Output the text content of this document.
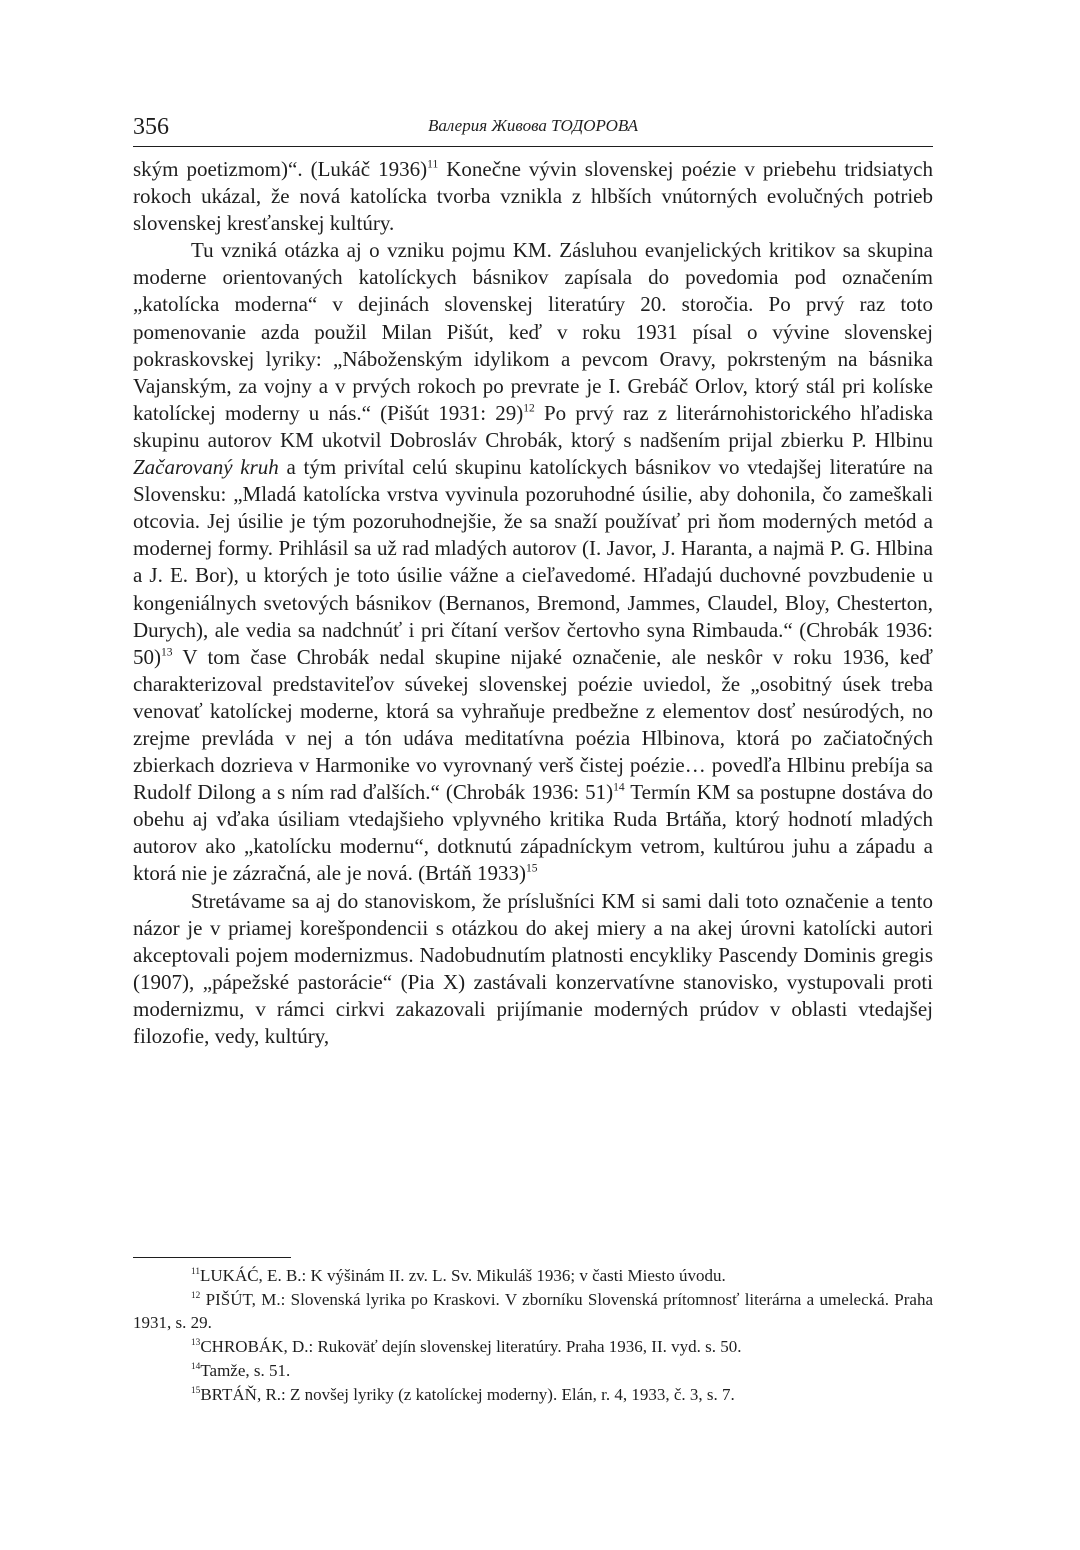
356	Валерия Живова ТОДОРОВА

ským poetizmom)“. (Lukáč 1936)$^{11}$ Konečne vývin slovenskej poézie v priebehu tridsiatych rokoch ukázal, že nová katolícka tvorba vznikla z hlbších vnútorných evolučných potrieb slovenskej kresťanskej kultúry.

Tu vzniká otázka aj o vzniku pojmu KM. Zásluhou evanjelických kritikov sa skupina moderne orientovaných katolíckych básnikov zapísala do povedomia pod označením „katolícka moderna“ v dejinách slovenskej literatúry 20. storočia. Po prvý raz toto pomenovanie azda použil Milan Pišút, keď v roku 1931 písal o vývine slovenskej pokraskovskej lyriky: „Náboženským idylikom a pevcom Oravy, pokrsteným na básnika Vajanským, za vojny a v prvých rokoch po prevrate je I. Grebáč Orlov, ktorý stál pri kolíske katolíckej moderny u nás.“ (Pišút 1931: 29)$^{12}$ Po prvý raz z literárnohistorického hľadiska skupinu autorov KM ukotvil Dobrosláv Chrobák, ktorý s nadšením prijal zbierku P. Hlbinu Začarovaný kruh a tým privítal celú skupinu katolíckych básnikov vo vtedajšej literatúre na Slovensku: „Mladá katolícka vrstva vyvinula pozoruhodné úsilie, aby dohonila, čo zameškali otcovia. Jej úsilie je tým pozoruhodnejšie, že sa snaží používať pri ňom moderných metód a modernej formy. Prihlásil sa už rad mladých autorov (I. Javor, J. Haranta, a najmä P. G. Hlbina a J. E. Bor), u ktorých je toto úsilie vážne a cieľavedomé. Hľadajú duchovné povzbudenie u kongeniálnych svetových básnikov (Bernanos, Bremond, Jammes, Claudel, Bloy, Chesterton, Durych), ale vedia sa nadchnúť i pri čítaní veršov čertovho syna Rimbauda.“ (Chrobák 1936: 50)$^{13}$ V tom čase Chrobák nedal skupine nijaké označenie, ale neskôr v roku 1936, keď charakterizoval predstaviteľov súvekej slovenskej poézie uviedol, že „osobitný úsek treba venovať katolíckej moderne, ktorá sa vyhraňuje predbežne z elementov dosť nesúrodých, no zrejme prevláda v nej a tón udáva meditatívna poézia Hlbinova, ktorá po začiatočných zbierkach dozrieva v Harmonike vo vyrovnaný verš čistej poézie… povedľa Hlbinu prebíja sa Rudolf Dilong a s ním rad ďalších.“ (Chrobák 1936: 51)$^{14}$ Termín KM sa postupne dostáva do obehu aj vďaka úsiliam vtedajšieho vplyvného kritika Ruda Brtáňa, ktorý hodnotí mladých autorov ako „katolícku modernu“, dotknutú západníckym vetrom, kultúrou juhu a západu a ktorá nie je zázračná, ale je nová. (Brtáň 1933)$^{15}$

Stretávame sa aj do stanoviskom, že príslušníci KM si sami dali toto označenie a tento názor je v priamej korešpondencii s otázkou do akej miery a na akej úrovni katolícki autori akceptovali pojem modernizmus. Nadobudnutím platnosti encykliky Pascendy Dominis gregis (1907), „pápežské pastorácie“ (Pia X) zastávali konzervatívne stanovisko, vystupovali proti modernizmu, v rámci cirkvi zakazovali prijímanie moderných prúdov v oblasti vtedajšej filozofie, vedy, kultúry,

$^{11}$LUKÁĆ, E. B.: K výšinám II. zv. L. Sv. Mikuláš 1936; v časti Miesto úvodu.

$^{12}$ PIŠÚT, M.: Slovenská lyrika po Kraskovi. V zborníku Slovenská prítomnosť literárna a umelecká. Praha 1931, s. 29.

$^{13}$CHROBÁK, D.: Rukoväť dejín slovenskej literatúry. Praha 1936, II. vyd. s. 50.

$^{14}$Tamže, s. 51.

$^{15}$BRTÁŇ, R.: Z novšej lyriky (z katolíckej moderny). Elán, r. 4, 1933, č. 3, s. 7.
